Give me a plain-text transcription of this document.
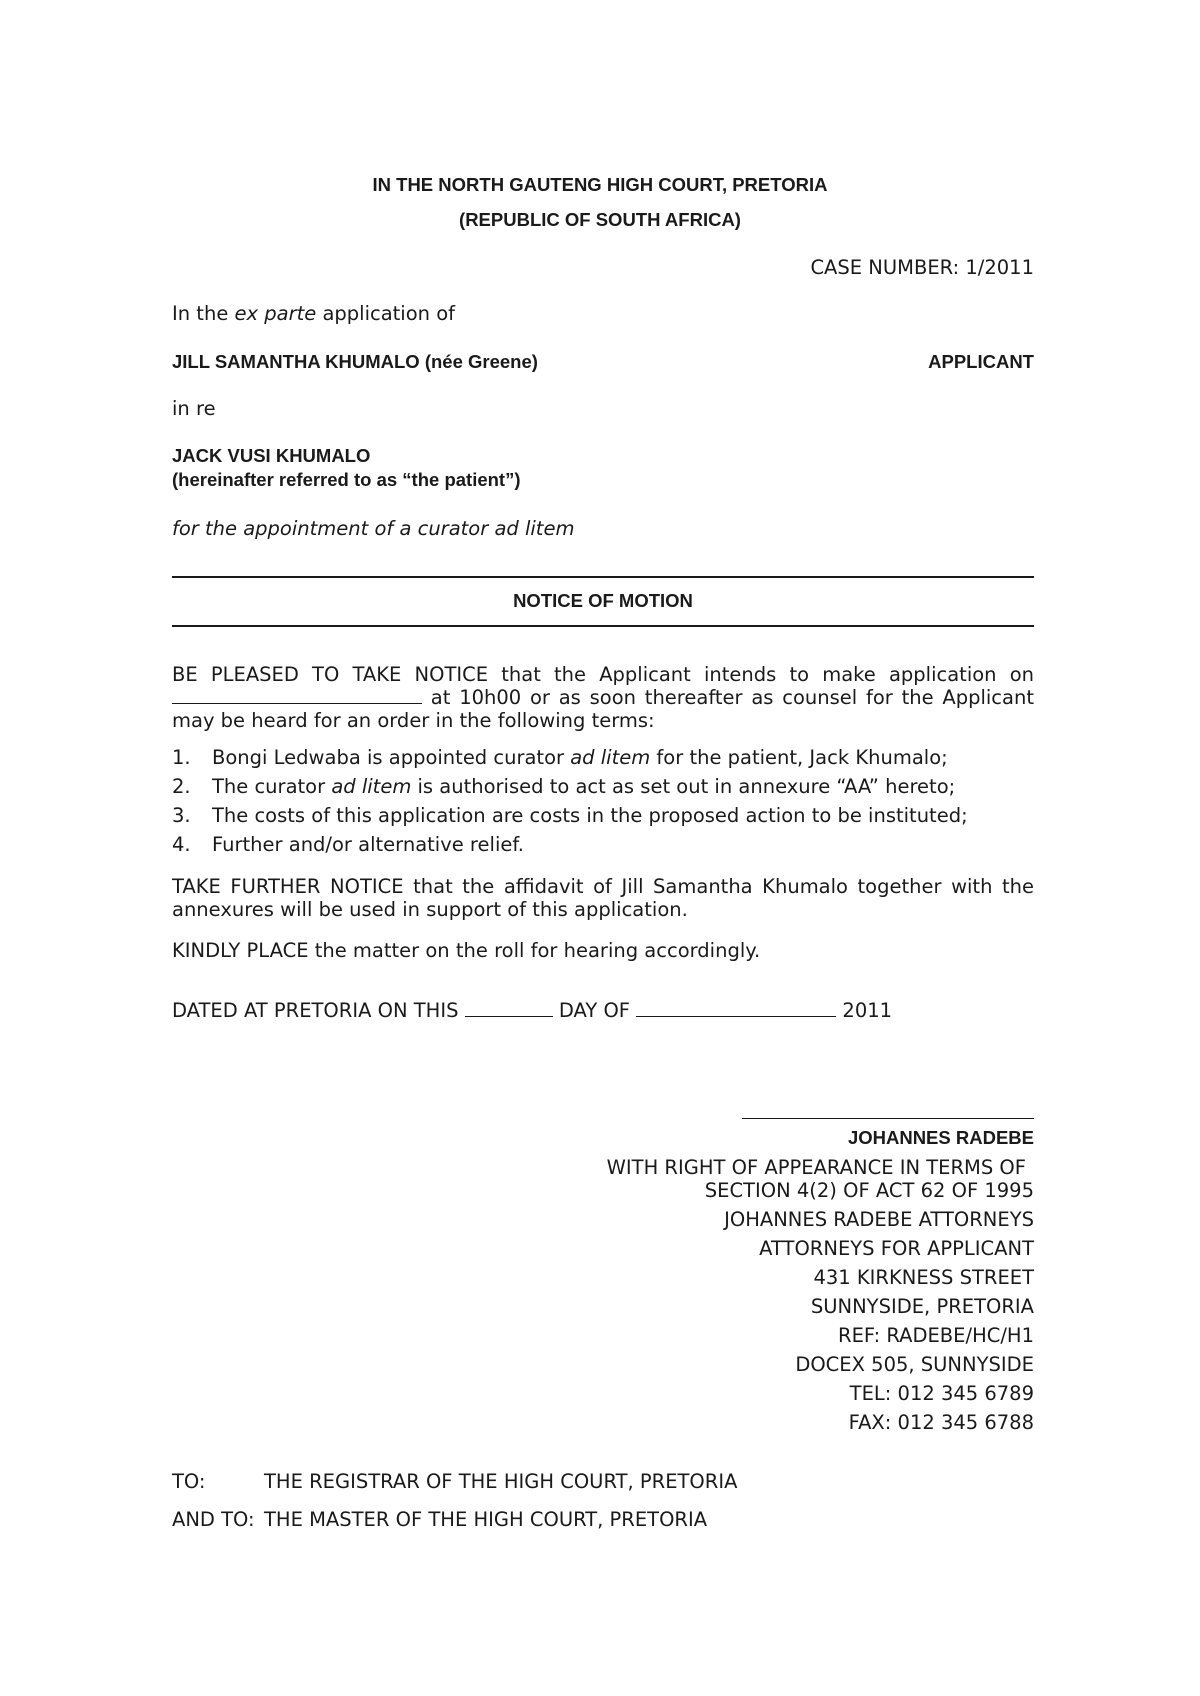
IN THE NORTH GAUTENG HIGH COURT, PRETORIA
(REPUBLIC OF SOUTH AFRICA)
CASE NUMBER: 1/2011
In the ex parte application of
JILL SAMANTHA KHUMALO (née Greene)	APPLICANT
in re
JACK VUSI KHUMALO
(hereinafter referred to as “the patient”)
for the appointment of a curator ad litem
NOTICE OF MOTION
BE PLEASED TO TAKE NOTICE that the Applicant intends to make application on
at 10h00 or as soon thereafter as counsel for the Applicant
may be heard for an order in the following terms:
1. Bongi Ledwaba is appointed curator ad litem for the patient, Jack Khumalo;
2. The curator ad litem is authorised to act as set out in annexure “AA” hereto;
3. The costs of this application are costs in the proposed action to be instituted;
4. Further and/or alternative relief.
TAKE FURTHER NOTICE that the affidavit of Jill Samantha Khumalo together with the
annexures will be used in support of this application.
KINDLY PLACE the matter on the roll for hearing accordingly.
DATED AT PRETORIA ON THIS	DAY OF	2011
JOHANNES RADEBE
WITH RIGHT OF APPEARANCE IN TERMS OF
SECTION 4(2) OF ACT 62 OF 1995
JOHANNES RADEBE ATTORNEYS
ATTORNEYS FOR APPLICANT
431 KIRKNESS STREET
SUNNYSIDE, PRETORIA
REF: RADEBE/HC/H1
DOCEX 505, SUNNYSIDE
TEL: 012 345 6789
FAX: 012 345 6788
TO:	THE REGISTRAR OF THE HIGH COURT, PRETORIA
AND TO: THE MASTER OF THE HIGH COURT, PRETORIA
